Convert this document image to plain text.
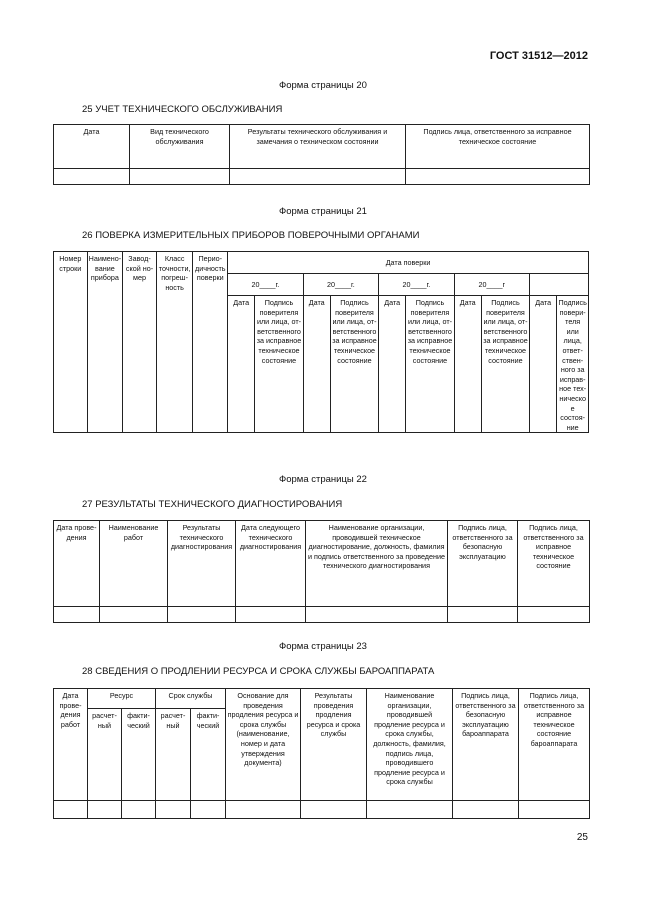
ГОСТ 31512—2012
Форма страницы 20
25 УЧЕТ ТЕХНИЧЕСКОГО ОБСЛУЖИВАНИЯ
Дата	Вид технического обслуживания	Результаты технического обслуживания и замечания о техническом состоянии	Подпись лица, ответственного за исправное техническое состояние

Форма страницы 21
26 ПОВЕРКА ИЗМЕРИТЕЛЬНЫХ ПРИБОРОВ ПОВЕРОЧНЫМИ ОРГАНАМИ
Номер строки	Наименование прибора	Заводской номер	Класс точности, погрешность	Периодичность поверки	Дата поверки									
					20____г.		20____г.		20____г.		20____г			
					Дата	Подпись поверителя или лица, ответственного за исправное техническое состояние	Дата	Подпись поверителя или лица, ответственного за исправное техническое состояние	Дата	Подпись поверителя или лица, ответственного за исправное техническое состояние	Дата	Подпись поверителя или лица, ответственного за исправное техническое состояние	Дата	Подпись поверителя или лица, ответственного за исправное техническое состояние
Форма страницы 22
27 РЕЗУЛЬТАТЫ ТЕХНИЧЕСКОГО ДИАГНОСТИРОВАНИЯ
Дата проведения	Наименование работ	Результаты технического диагностирования	Дата следующего технического диагностирования	Наименование организации, проводившей техническое диагностирование, должность, фамилия и подпись ответственного за проведение технического диагностирования	Подпись лица, ответственного за безопасную эксплуатацию	Подпись лица, ответственного за исправное техническое состояние

Форма страницы 23
28 СВЕДЕНИЯ О ПРОДЛЕНИИ РЕСУРСА И СРОКА СЛУЖБЫ БАРОАППАРАТА
Дата проведения работ	Ресурс		Срок службы		Основание для проведения продления ресурса и срока службы (наименование, номер и дата утверждения документа)	Результаты проведения продления ресурса и срока службы	Наименование организации, проводившей продление ресурса и срока службы, должность, фамилия, подпись лица, проводившего продление ресурса и срока службы	Подпись лица, ответственного за безопасную эксплуатацию бароаппарата	Подпись лица, ответственного за исправное техническое состояние бароаппарата
	расчетный	фактический	расчетный	фактический					

25
